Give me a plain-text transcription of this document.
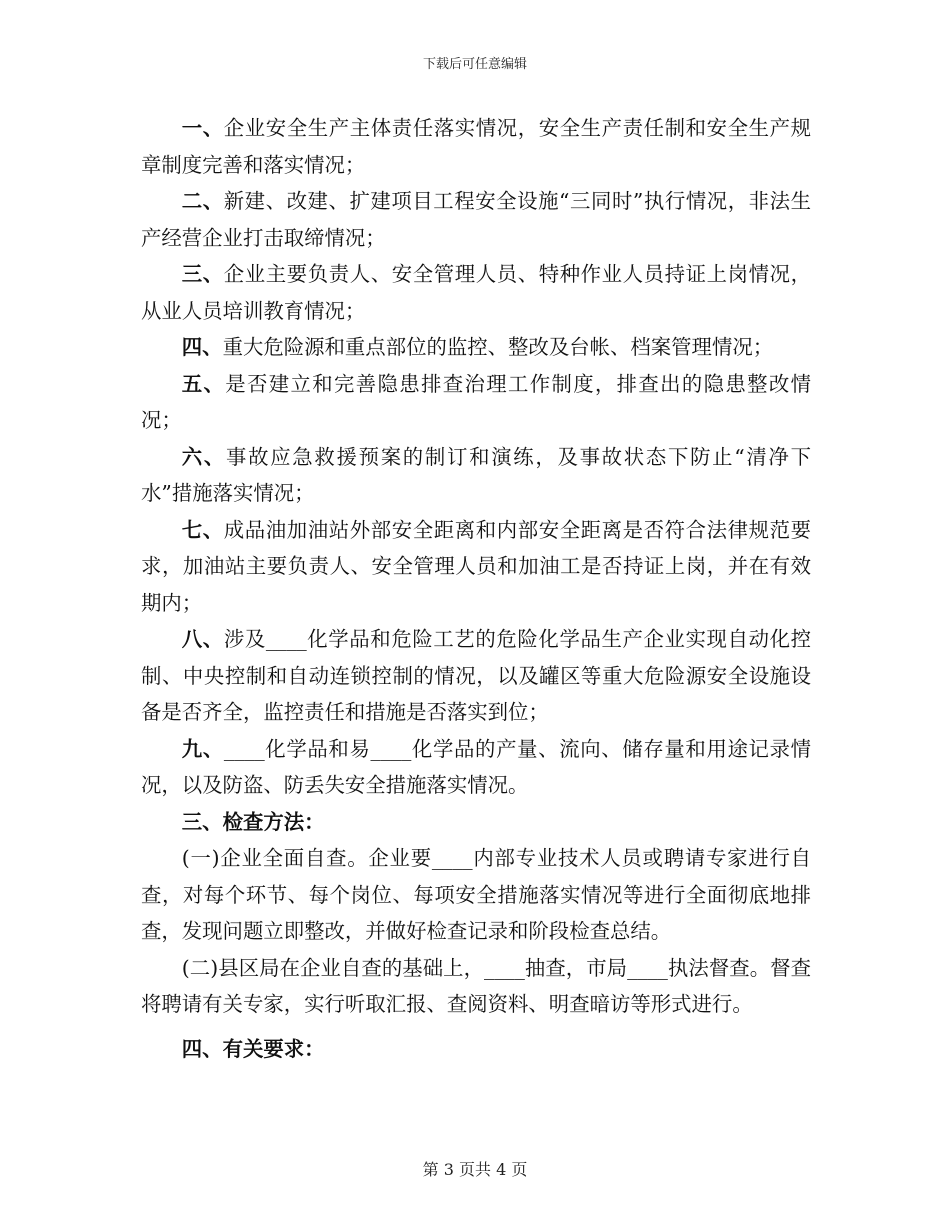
下载后可任意编辑

一、企业安全生产主体责任落实情况，安全生产责任制和安全生产规章制度完善和落实情况；

二、新建、改建、扩建项目工程安全设施“三同时”执行情况，非法生产经营企业打击取缔情况；

三、企业主要负责人、安全管理人员、特种作业人员持证上岗情况，从业人员培训教育情况；

四、重大危险源和重点部位的监控、整改及台帐、档案管理情况；

五、是否建立和完善隐患排查治理工作制度，排查出的隐患整改情况；

六、事故应急救援预案的制订和演练，及事故状态下防止“清净下水”措施落实情况；

七、成品油加油站外部安全距离和内部安全距离是否符合法律规范要求，加油站主要负责人、安全管理人员和加油工是否持证上岗，并在有效期内；

八、涉及____化学品和危险工艺的危险化学品生产企业实现自动化控制、中央控制和自动连锁控制的情况，以及罐区等重大危险源安全设施设备是否齐全，监控责任和措施是否落实到位；

九、____化学品和易____化学品的产量、流向、储存量和用途记录情况，以及防盗、防丢失安全措施落实情况。

三、检查方法：

(一)企业全面自查。企业要____内部专业技术人员或聘请专家进行自查，对每个环节、每个岗位、每项安全措施落实情况等进行全面彻底地排查，发现问题立即整改，并做好检查记录和阶段检查总结。

(二)县区局在企业自查的基础上，____抽查，市局____执法督查。督查将聘请有关专家，实行听取汇报、查阅资料、明查暗访等形式进行。

四、有关要求：

第 3 页共 4 页
